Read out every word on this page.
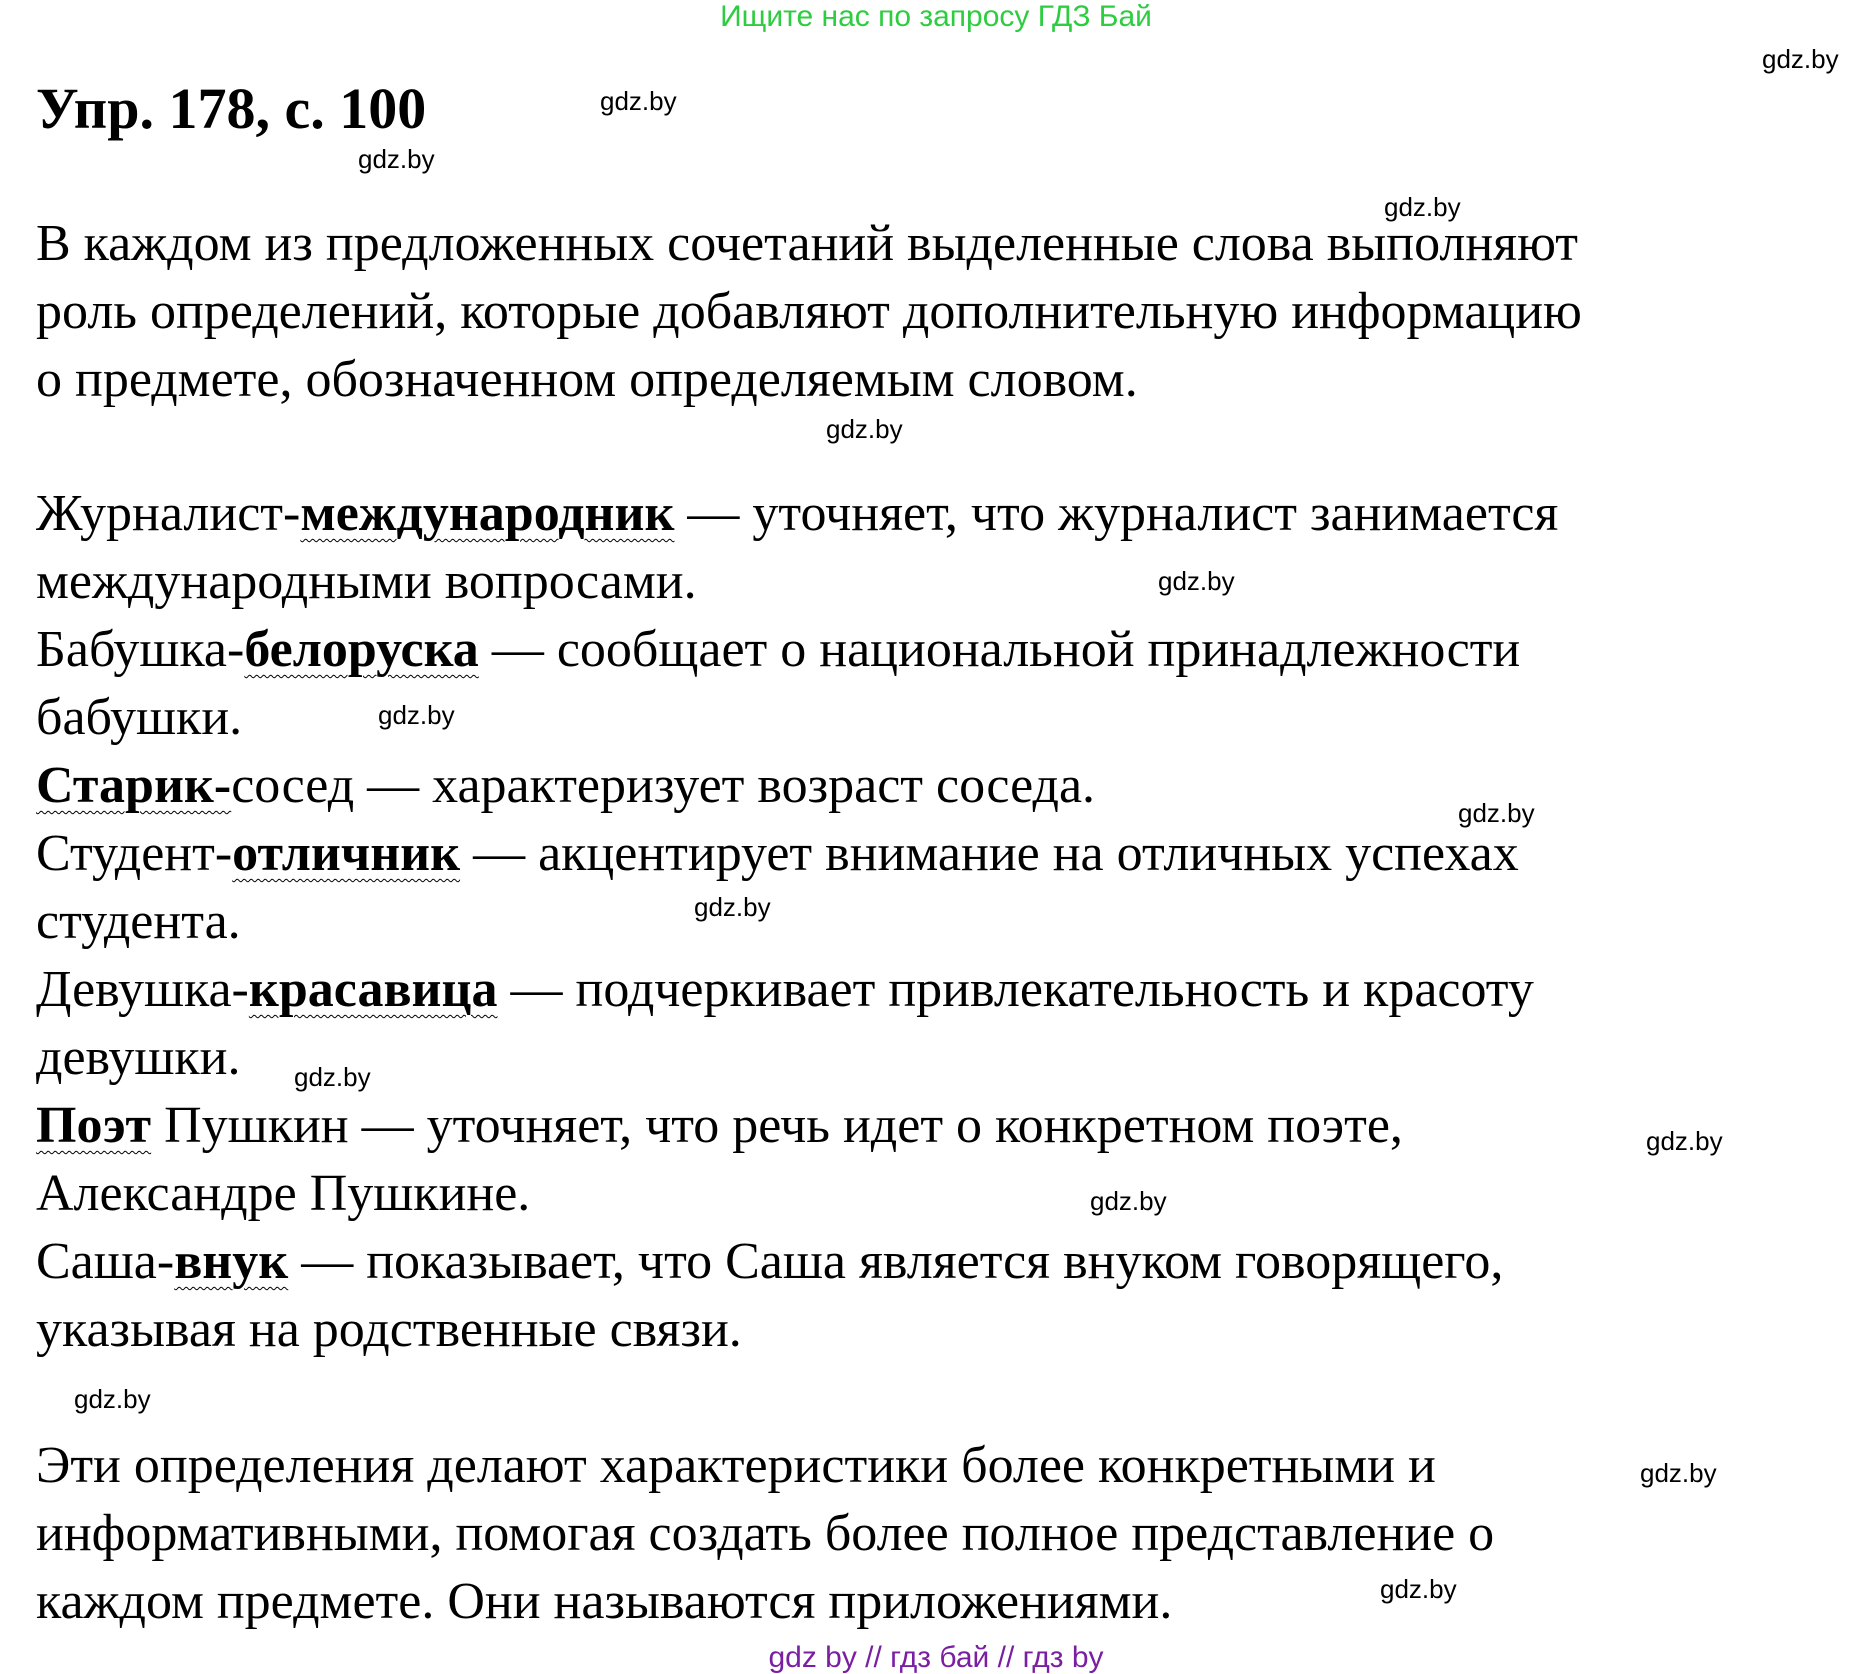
Ищите нас по запросу ГДЗ Бай
gdz.by
gdz.by
gdz.by
gdz.by
gdz.by
gdz.by
gdz.by
gdz.by
gdz.by
gdz.by
gdz.by
gdz.by
gdz.by
gdz.by
gdz.by
Упр. 178, с. 100
В каждом из предложенных сочетаний выделенные слова выполняют
роль определений, которые добавляют дополнительную информацию
о предмете, обозначенном определяемым словом.
Журналист-международник — уточняет, что журналист занимается
международными вопросами.
Бабушка-белоруска — сообщает о национальной принадлежности
бабушки.
Старик-сосед — характеризует возраст соседа.
Студент-отличник — акцентирует внимание на отличных успехах
студента.
Девушка-красавица — подчеркивает привлекательность и красоту
девушки.
Поэт Пушкин — уточняет, что речь идет о конкретном поэте,
Александре Пушкине.
Саша-внук — показывает, что Саша является внуком говорящего,
указывая на родственные связи.
Эти определения делают характеристики более конкретными и
информативными, помогая создать более полное представление о
каждом предмете. Они называются приложениями.
gdz by // гдз бай // гдз by
